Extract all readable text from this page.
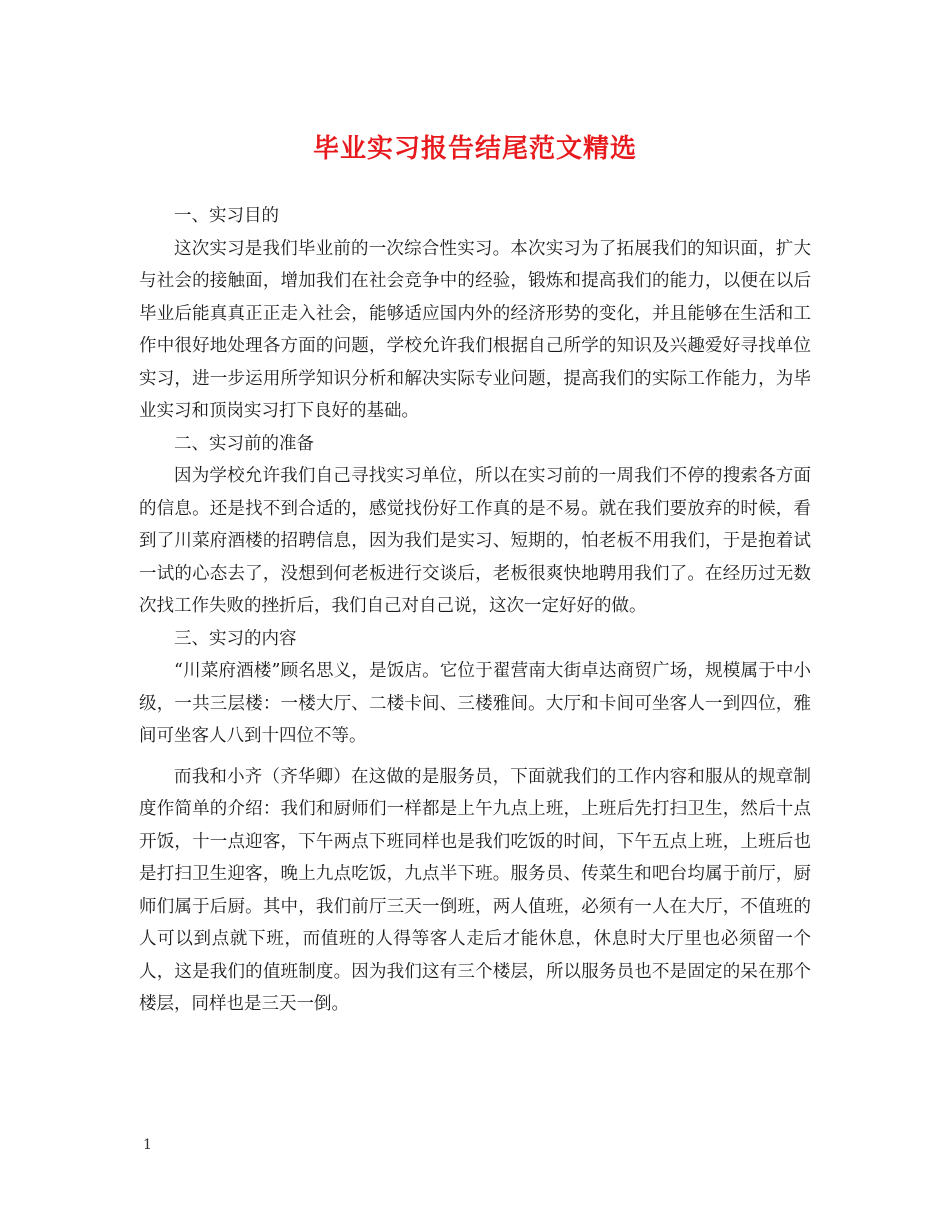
毕业实习报告结尾范文精选

一、实习目的

这次实习是我们毕业前的一次综合性实习。本次实习为了拓展我们的知识面，扩大与社会的接触面，增加我们在社会竞争中的经验，锻炼和提高我们的能力，以便在以后毕业后能真真正正走入社会，能够适应国内外的经济形势的变化，并且能够在生活和工作中很好地处理各方面的问题，学校允许我们根据自己所学的知识及兴趣爱好寻找单位实习，进一步运用所学知识分析和解决实际专业问题，提高我们的实际工作能力，为毕业实习和顶岗实习打下良好的基础。

二、实习前的准备

因为学校允许我们自己寻找实习单位，所以在实习前的一周我们不停的搜索各方面的信息。还是找不到合适的，感觉找份好工作真的是不易。就在我们要放弃的时候，看到了川菜府酒楼的招聘信息，因为我们是实习、短期的，怕老板不用我们，于是抱着试一试的心态去了，没想到何老板进行交谈后，老板很爽快地聘用我们了。在经历过无数次找工作失败的挫折后，我们自己对自己说，这次一定好好的做。

三、实习的内容

“川菜府酒楼”顾名思义，是饭店。它位于翟营南大街卓达商贸广场，规模属于中小级，一共三层楼：一楼大厅、二楼卡间、三楼雅间。大厅和卡间可坐客人一到四位，雅间可坐客人八到十四位不等。

而我和小齐（齐华卿）在这做的是服务员，下面就我们的工作内容和服从的规章制度作简单的介绍：我们和厨师们一样都是上午九点上班，上班后先打扫卫生，然后十点开饭，十一点迎客，下午两点下班同样也是我们吃饭的时间，下午五点上班，上班后也是打扫卫生迎客，晚上九点吃饭，九点半下班。服务员、传菜生和吧台均属于前厅，厨师们属于后厨。其中，我们前厅三天一倒班，两人值班，必须有一人在大厅，不值班的人可以到点就下班，而值班的人得等客人走后才能休息，休息时大厅里也必须留一个人，这是我们的值班制度。因为我们这有三个楼层，所以服务员也不是固定的呆在那个楼层，同样也是三天一倒。

1
